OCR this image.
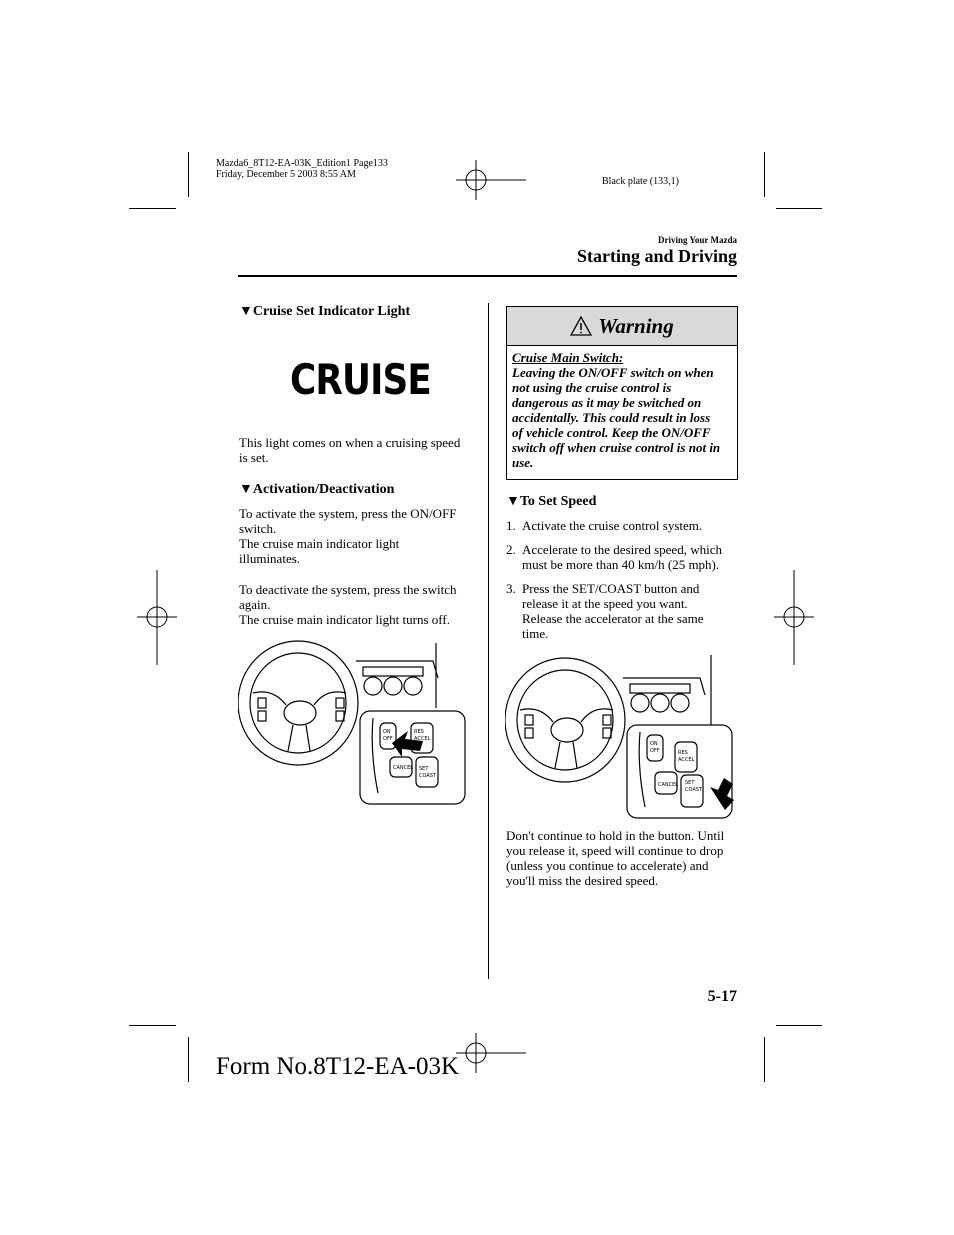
Mazda6_8T12-EA-03K_Edition1 Page133
Friday, December 5 2003 8:55 AM
Black plate (133,1)
Driving Your Mazda
Starting and Driving
▼Cruise Set Indicator Light
CRUISE
This light comes on when a cruising speed
is set.
▼Activation/Deactivation
To activate the system, press the ON/OFF
switch.
The cruise main indicator light
illuminates.
To deactivate the system, press the switch
again.
The cruise main indicator light turns off.
ON
OFF
RES
ACCEL
CANCEL SET
COAST
Warning
Cruise Main Switch:
Leaving the ON/OFF switch on when
not using the cruise control is
dangerous as it may be switched on
accidentally. This could result in loss
of vehicle control. Keep the ON/OFF
switch off when cruise control is not in
use.
▼To Set Speed
1. Activate the cruise control system.
2. Accelerate to the desired speed, which
must be more than 40 km/h (25 mph).
3. Press the SET/COAST button and
release it at the speed you want.
Release the accelerator at the same
time.
ON
OFF	RES
ACCEL
CANCEL SET
COAST
Don't continue to hold in the button. Until
you release it, speed will continue to drop
(unless you continue to accelerate) and
you'll miss the desired speed.
5-17
Form No.8T12-EA-03K
